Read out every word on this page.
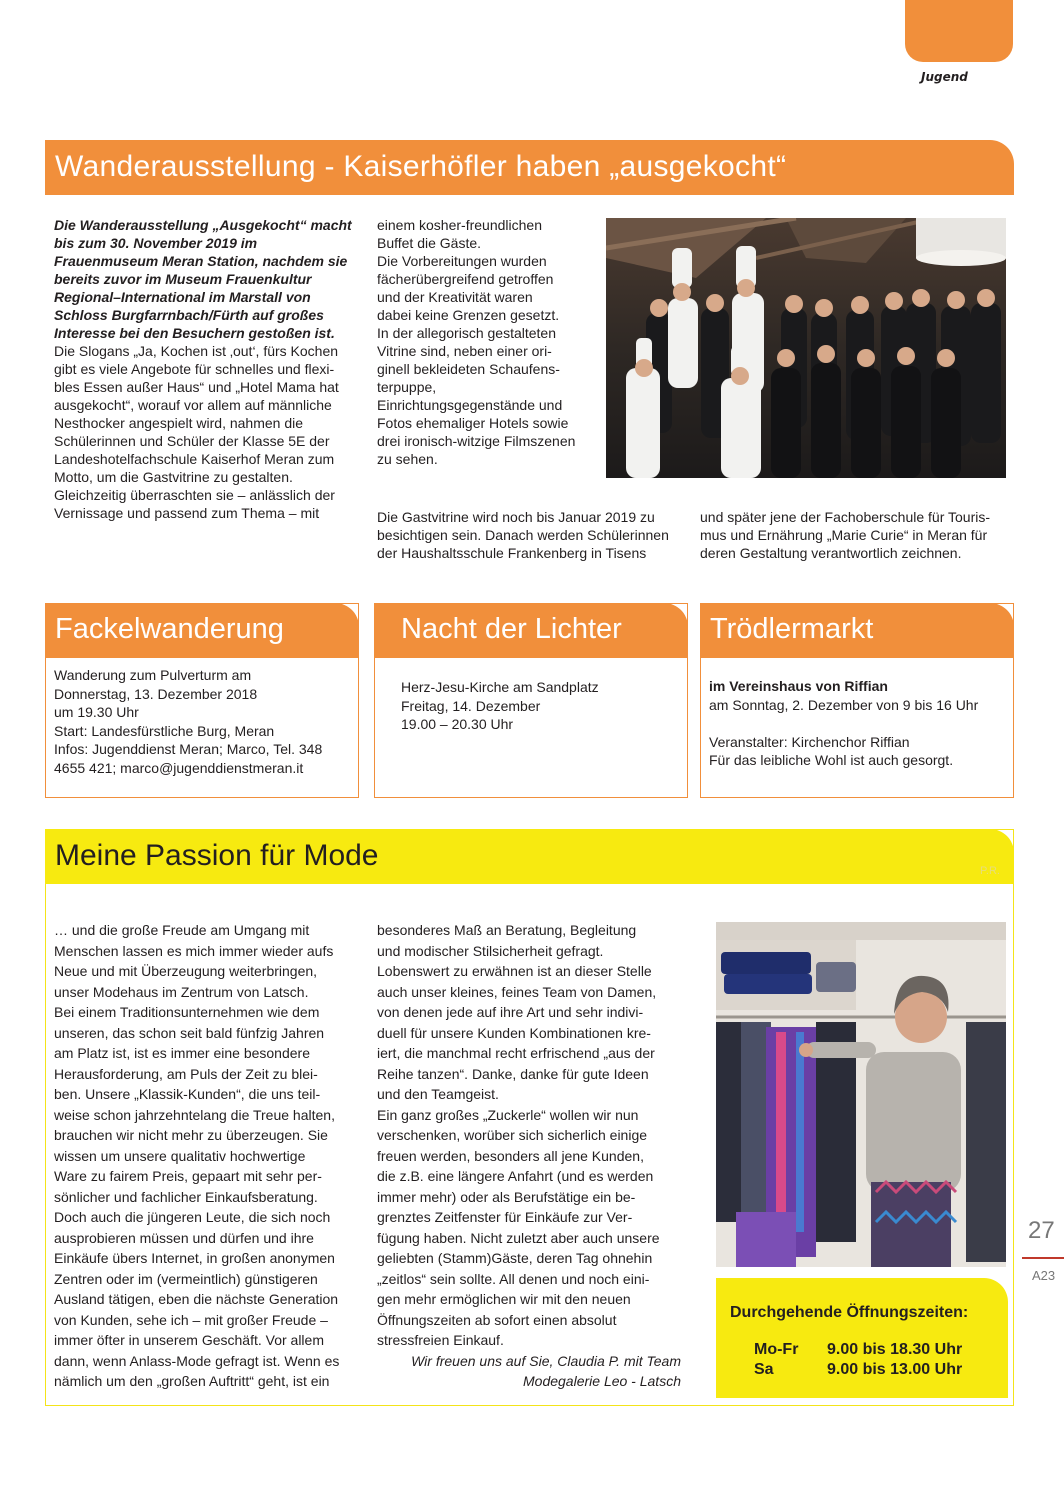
Jugend
Wanderausstellung - Kaiserhöfler haben „ausgekocht“
Die Wanderausstellung „Ausgekocht“ macht
bis zum 30. November 2019 im
Frauenmuseum Meran Station, nachdem sie
bereits zuvor im Museum Frauenkultur
Regional–International im Marstall von
Schloss Burgfarrnbach/Fürth auf großes
Interesse bei den Besuchern gestoßen ist.
Die Slogans „Ja, Kochen ist ‚out‘, fürs Kochen
gibt es viele Angebote für schnelles und flexi-
bles Essen außer Haus“ und „Hotel Mama hat
ausgekocht“, worauf vor allem auf männliche
Nesthocker angespielt wird, nahmen die
Schülerinnen und Schüler der Klasse 5E der
Landeshotelfachschule Kaiserhof Meran zum
Motto, um die Gastvitrine zu gestalten.
Gleichzeitig überraschten sie – anlässlich der
Vernissage und passend zum Thema – mit
einem kosher-freundlichen
Buffet die Gäste.
Die Vorbereitungen wurden
fächerübergreifend getroffen
und der Kreativität waren
dabei keine Grenzen gesetzt.
In der allegorisch gestalteten
Vitrine sind, neben einer ori-
ginell bekleideten Schaufens-
terpuppe,
Einrichtungsgegenstände und
Fotos ehemaliger Hotels sowie
drei ironisch-witzige Filmszenen
zu sehen.
Die Gastvitrine wird noch bis Januar 2019 zu
besichtigen sein. Danach werden Schülerinnen
der Haushaltsschule Frankenberg in Tisens
und später jene der Fachoberschule für Touris-
mus und Ernährung „Marie Curie“ in Meran für
deren Gestaltung verantwortlich zeichnen.
Fackelwanderung
Wanderung zum Pulverturm am
Donnerstag, 13. Dezember 2018
um 19.30 Uhr
Start: Landesfürstliche Burg, Meran
Infos: Jugenddienst Meran; Marco, Tel. 348
4655 421; marco@jugenddienstmeran.it
Nacht der Lichter
Herz-Jesu-Kirche am Sandplatz
Freitag, 14. Dezember
19.00 – 20.30 Uhr
Trödlermarkt
im Vereinshaus von Riffian
am Sonntag, 2. Dezember von 9 bis 16 Uhr
Veranstalter: Kirchenchor Riffian
Für das leibliche Wohl ist auch gesorgt.
Meine Passion für Mode	P.R.
… und die große Freude am Umgang mit
Menschen lassen es mich immer wieder aufs
Neue und mit Überzeugung weiterbringen,
unser Modehaus im Zentrum von Latsch.
Bei einem Traditionsunternehmen wie dem
unseren, das schon seit bald fünfzig Jahren
am Platz ist, ist es immer eine besondere
Herausforderung, am Puls der Zeit zu blei-
ben. Unsere „Klassik-Kunden“, die uns teil-
weise schon jahrzehntelang die Treue halten,
brauchen wir nicht mehr zu überzeugen. Sie
wissen um unsere qualitativ hochwertige
Ware zu fairem Preis, gepaart mit sehr per-
sönlicher und fachlicher Einkaufsberatung.
Doch auch die jüngeren Leute, die sich noch
ausprobieren müssen und dürfen und ihre
Einkäufe übers Internet, in großen anonymen
Zentren oder im (vermeintlich) günstigeren
Ausland tätigen, eben die nächste Generation
von Kunden, sehe ich – mit großer Freude –
immer öfter in unserem Geschäft. Vor allem
dann, wenn Anlass-Mode gefragt ist. Wenn es
nämlich um den „großen Auftritt“ geht, ist ein
besonderes Maß an Beratung, Begleitung
und modischer Stilsicherheit gefragt.
Lobenswert zu erwähnen ist an dieser Stelle
auch unser kleines, feines Team von Damen,
von denen jede auf ihre Art und sehr indivi-
duell für unsere Kunden Kombinationen kre-
iert, die manchmal recht erfrischend „aus der
Reihe tanzen“. Danke, danke für gute Ideen
und den Teamgeist.
Ein ganz großes „Zuckerle“ wollen wir nun
verschenken, worüber sich sicherlich einige
freuen werden, besonders all jene Kunden,
die z.B. eine längere Anfahrt (und es werden
immer mehr) oder als Berufstätige ein be-
grenztes Zeitfenster für Einkäufe zur Ver-
fügung haben. Nicht zuletzt aber auch unsere
geliebten (Stamm)Gäste, deren Tag ohnehin
„zeitlos“ sein sollte. All denen und noch eini-
gen mehr ermöglichen wir mit den neuen
Öffnungszeiten ab sofort einen absolut
stressfreien Einkauf.
Wir freuen uns auf Sie, Claudia P. mit Team
Modegalerie Leo - Latsch
Durchgehende Öffnungszeiten:
Mo-Fr	9.00 bis 18.30 Uhr
Sa	9.00 bis 13.00 Uhr
27
A23
